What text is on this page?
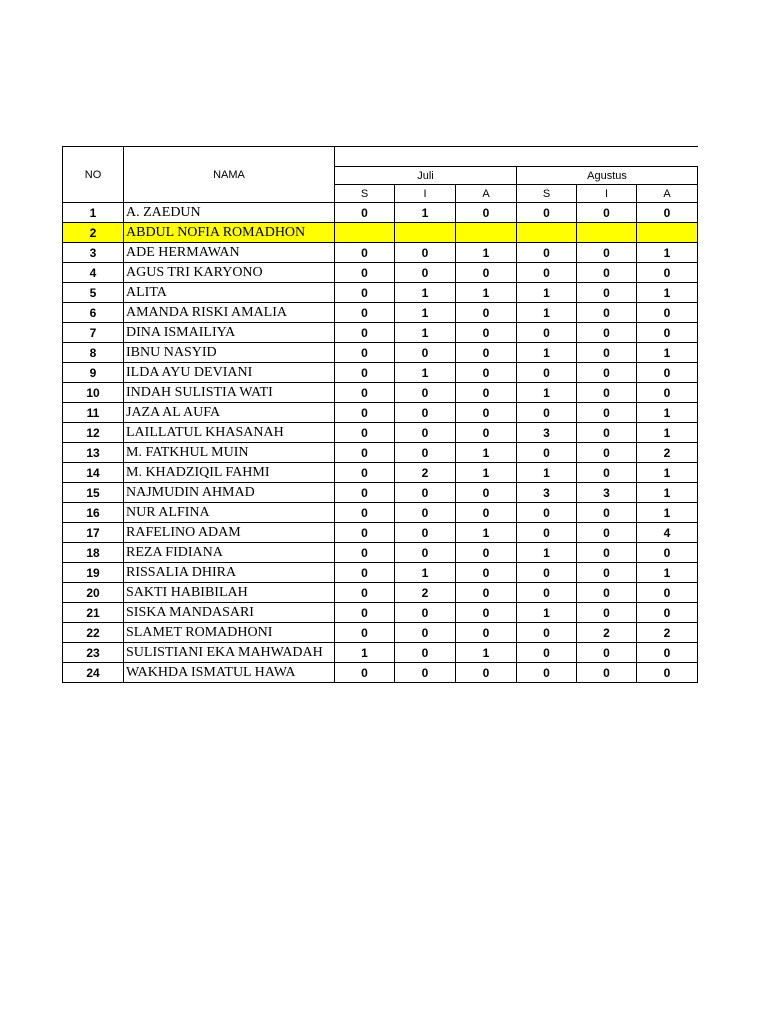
NO	NAMA						
		Juli			Agustus		
		S	I	A	S	I	A
1	A. ZAEDUN	0	1	0	0	0	0
2	ABDUL NOFIA ROMADHON						
3	ADE HERMAWAN	0	0	1	0	0	1
4	AGUS TRI KARYONO	0	0	0	0	0	0
5	ALITA	0	1	1	1	0	1
6	AMANDA RISKI AMALIA	0	1	0	1	0	0
7	DINA ISMAILIYA	0	1	0	0	0	0
8	IBNU NASYID	0	0	0	1	0	1
9	ILDA AYU DEVIANI	0	1	0	0	0	0
10	INDAH SULISTIA WATI	0	0	0	1	0	0
11	JAZA AL AUFA	0	0	0	0	0	1
12	LAILLATUL KHASANAH	0	0	0	3	0	1
13	M. FATKHUL MUIN	0	0	1	0	0	2
14	M. KHADZIQIL FAHMI	0	2	1	1	0	1
15	NAJMUDIN AHMAD	0	0	0	3	3	1
16	NUR ALFINA	0	0	0	0	0	1
17	RAFELINO ADAM	0	0	1	0	0	4
18	REZA FIDIANA	0	0	0	1	0	0
19	RISSALIA DHIRA	0	1	0	0	0	1
20	SAKTI HABIBILAH	0	2	0	0	0	0
21	SISKA MANDASARI	0	0	0	1	0	0
22	SLAMET ROMADHONI	0	0	0	0	2	2
23	SULISTIANI EKA MAHWADAH	1	0	1	0	0	0
24	WAKHDA ISMATUL HAWA	0	0	0	0	0	0
